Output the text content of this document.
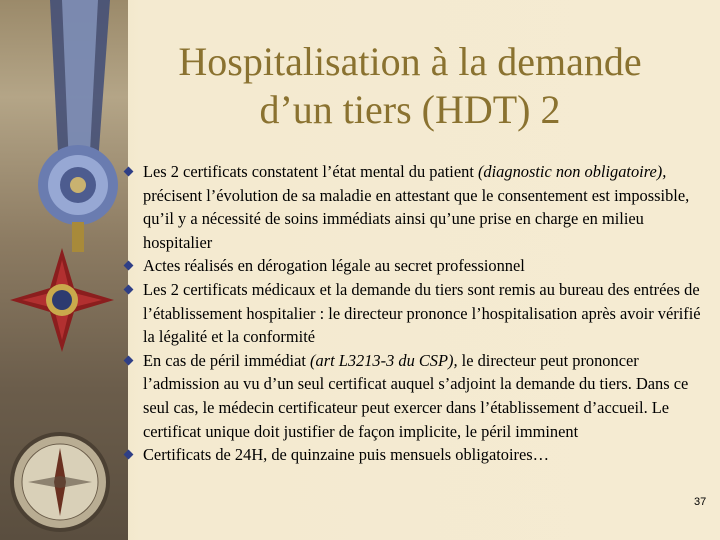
Hospitalisation à la demande
d’un tiers (HDT) 2

Les 2 certificats constatent l’état mental du patient (diagnostic non obligatoire), précisent l’évolution de sa maladie en attestant que le consentement est impossible, qu’il y a nécessité de soins immédiats ainsi qu’une prise en charge en milieu hospitalier

Actes réalisés en dérogation légale au secret professionnel

Les 2 certificats médicaux et la demande du tiers sont remis au bureau des entrées de l’établissement hospitalier : le directeur prononce l’hospitalisation après avoir vérifié la légalité et la conformité

En cas de péril immédiat (art L3213-3 du CSP), le directeur peut prononcer l’admission au vu d’un seul certificat auquel s’adjoint la demande du tiers. Dans ce seul cas, le médecin certificateur peut exercer dans l’établissement d’accueil. Le certificat unique doit justifier de façon implicite, le péril imminent

Certificats de 24H, de quinzaine puis mensuels obligatoires…

37
